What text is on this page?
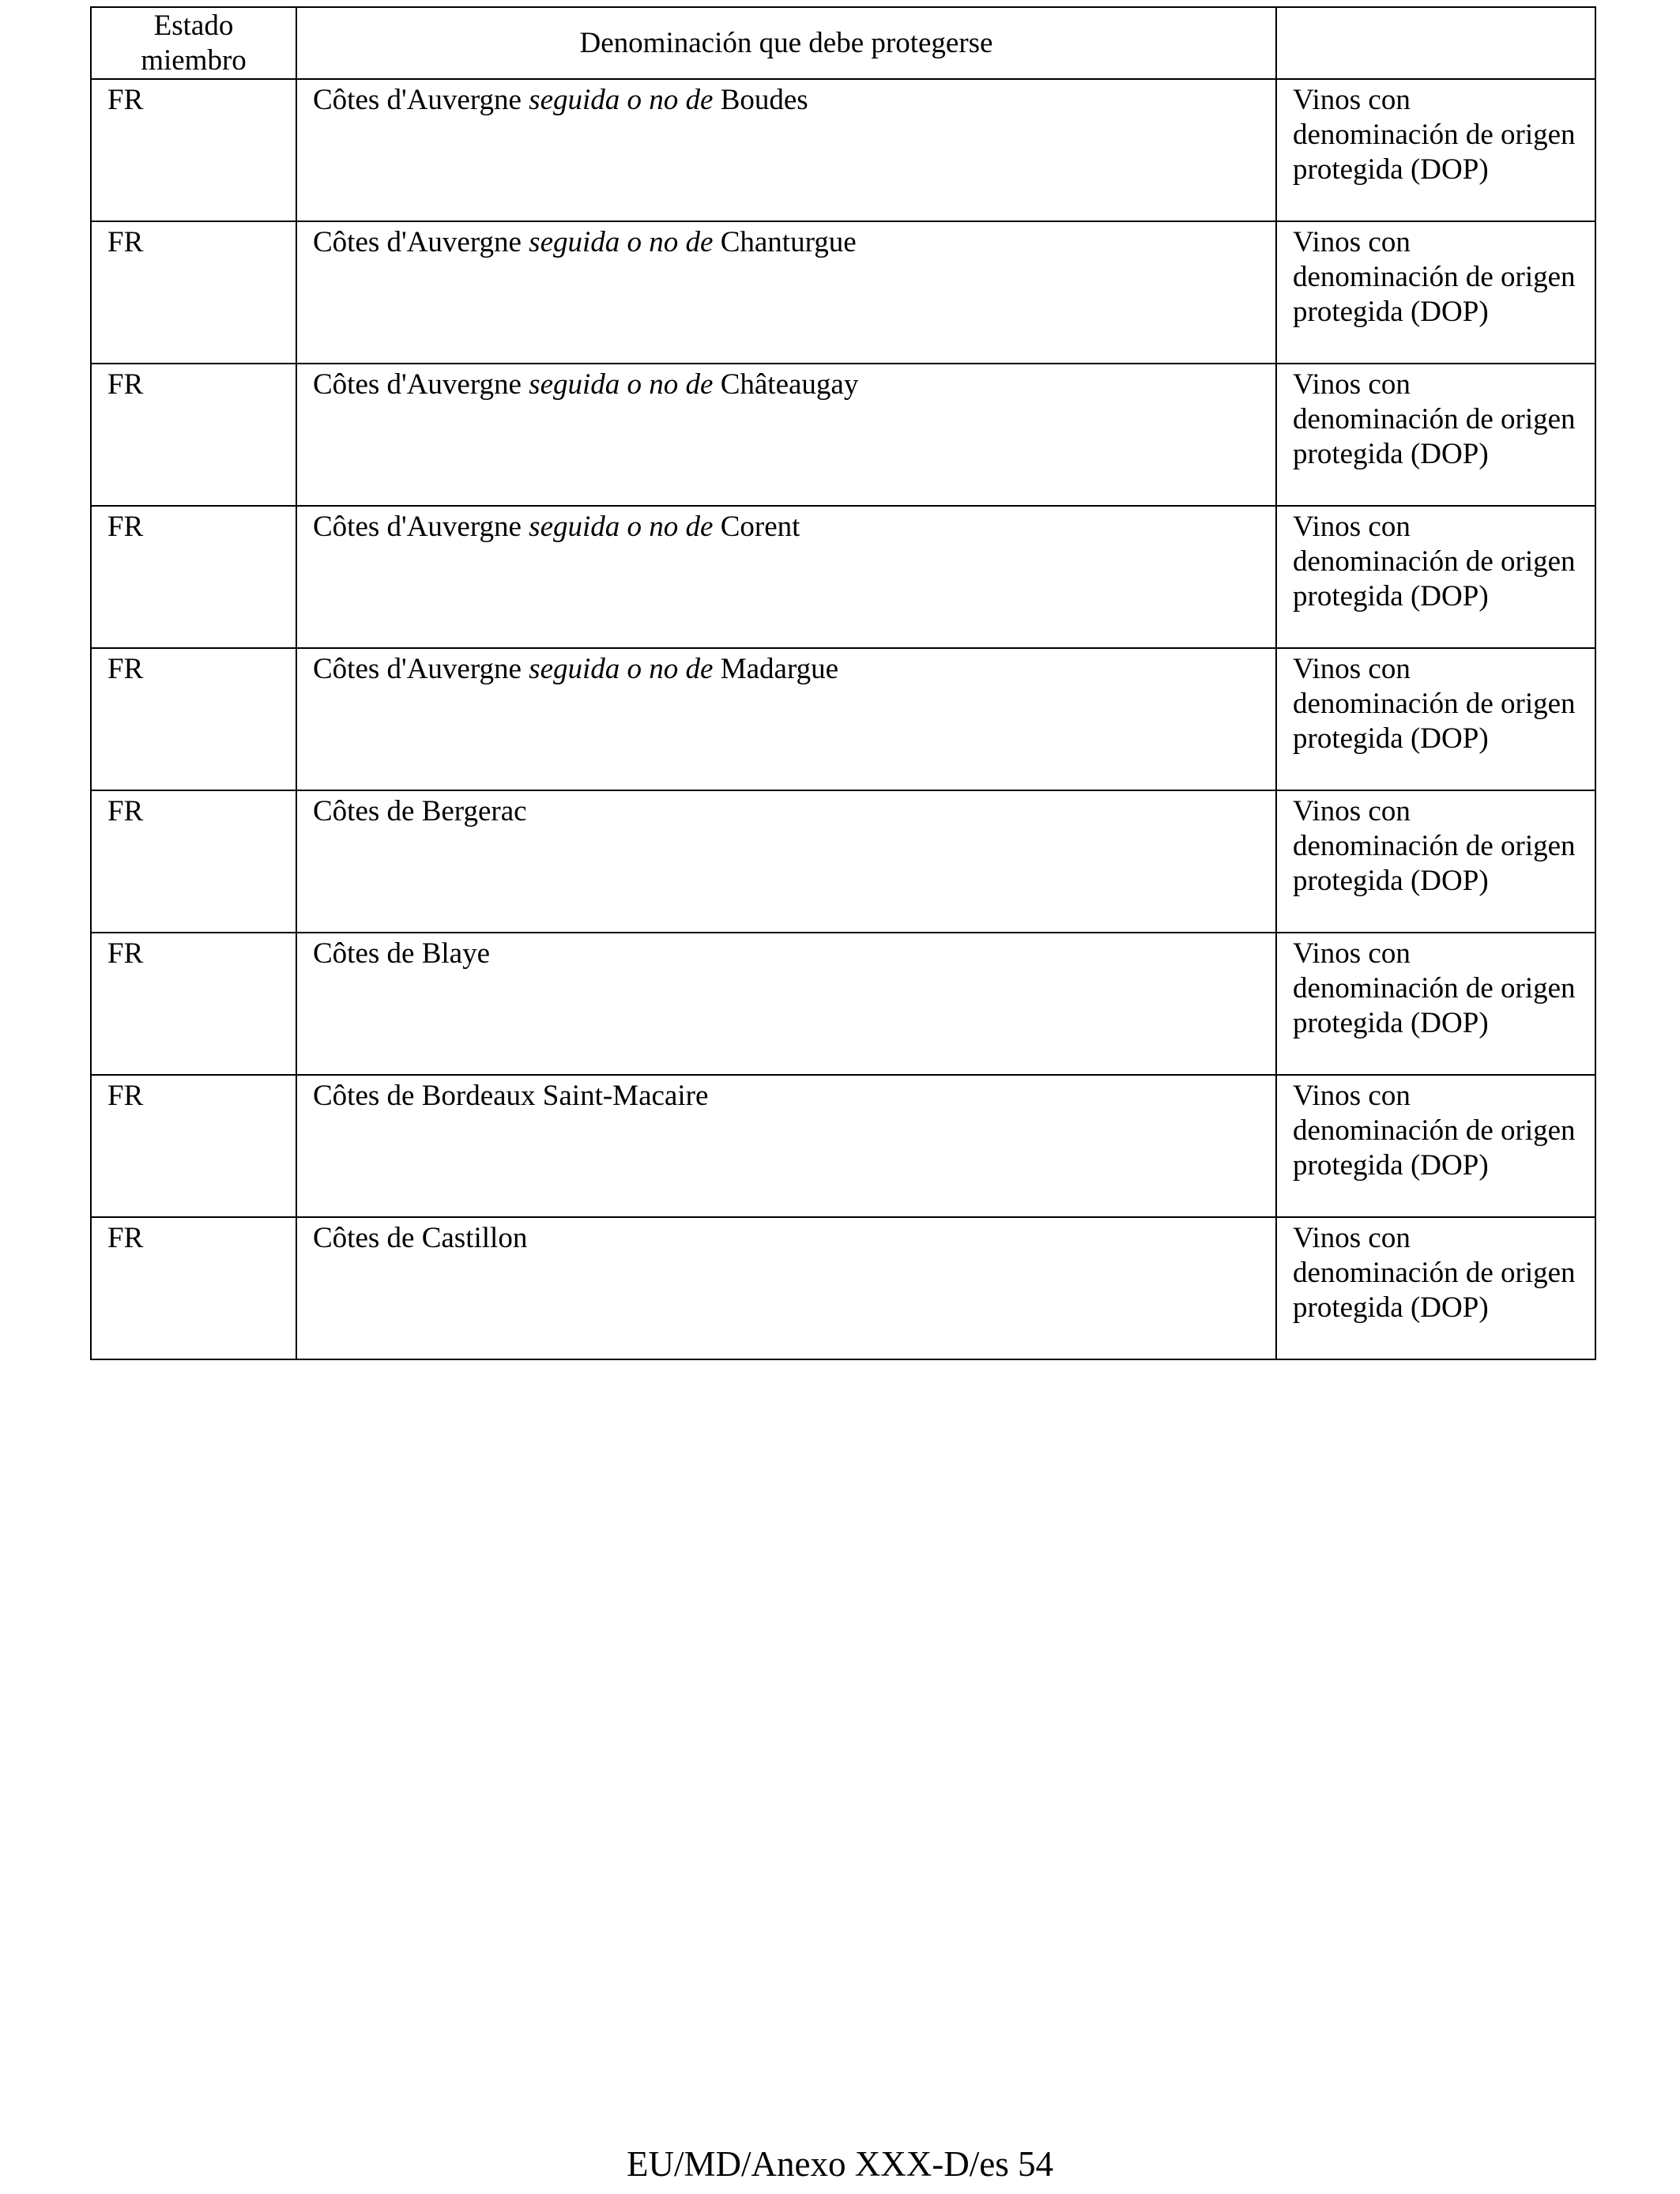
Estado miembro	Denominación que debe protegerse	
FR	Côtes d'Auvergne seguida o no de Boudes	Vinos con denominación de origen protegida (DOP)
FR	Côtes d'Auvergne seguida o no de Chanturgue	Vinos con denominación de origen protegida (DOP)
FR	Côtes d'Auvergne seguida o no de Châteaugay	Vinos con denominación de origen protegida (DOP)
FR	Côtes d'Auvergne seguida o no de Corent	Vinos con denominación de origen protegida (DOP)
FR	Côtes d'Auvergne seguida o no de Madargue	Vinos con denominación de origen protegida (DOP)
FR	Côtes de Bergerac	Vinos con denominación de origen protegida (DOP)
FR	Côtes de Blaye	Vinos con denominación de origen protegida (DOP)
FR	Côtes de Bordeaux Saint-Macaire	Vinos con denominación de origen protegida (DOP)
FR	Côtes de Castillon	Vinos con denominación de origen protegida (DOP)
EU/MD/Anexo XXX-D/es 54
